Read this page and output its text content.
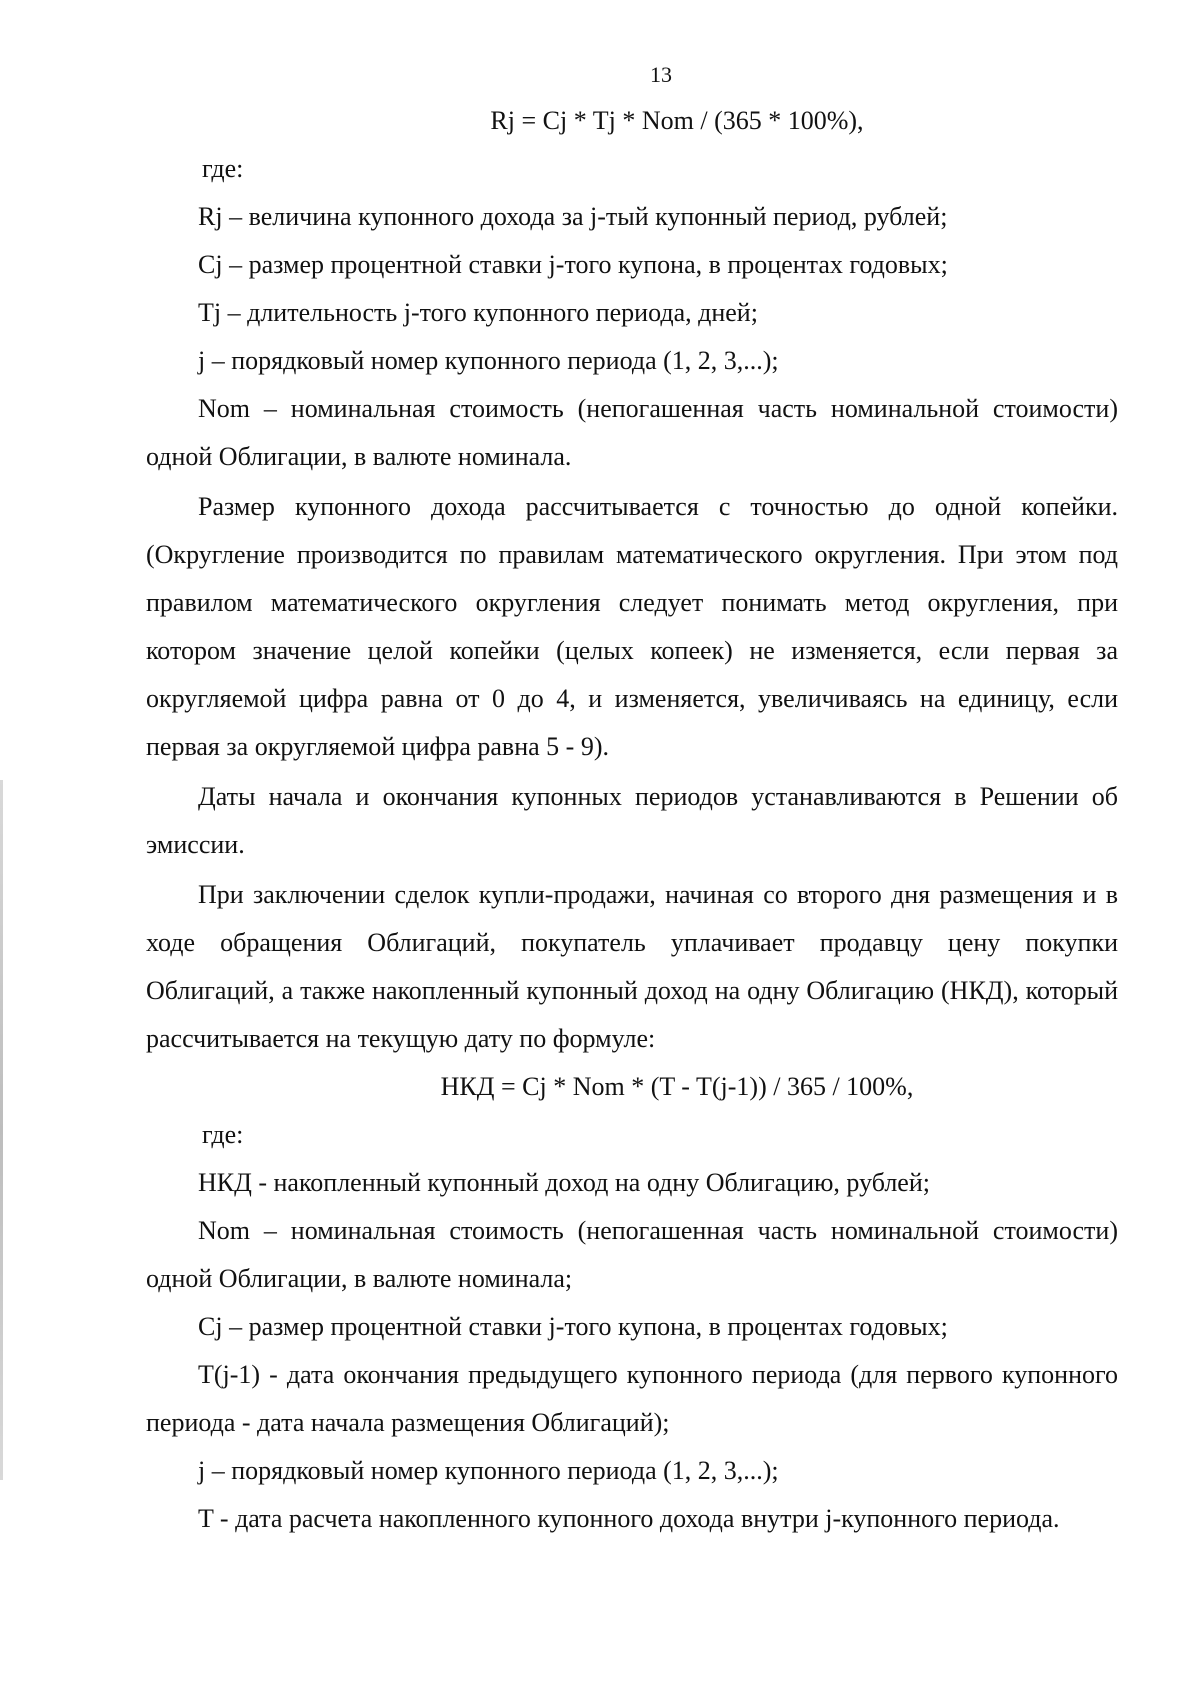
13

Rj = Cj * Tj * Nom / (365 * 100%),

где:

Rj – величина купонного дохода за j-тый купонный период, рублей;

Cj – размер процентной ставки j-того купона, в процентах годовых;

Tj – длительность j-того купонного периода, дней;

j – порядковый номер купонного периода (1, 2, 3,...);

Nom – номинальная стоимость (непогашенная часть номинальной стоимости) одной Облигации, в валюте номинала.

Размер купонного дохода рассчитывается с точностью до одной копейки. (Округление производится по правилам математического округления. При этом под правилом математического округления следует понимать метод округления, при котором значение целой копейки (целых копеек) не изменяется, если первая за округляемой цифра равна от 0 до 4, и изменяется, увеличиваясь на единицу, если первая за округляемой цифра равна 5 - 9).

Даты начала и окончания купонных периодов устанавливаются в Решении об эмиссии.

При заключении сделок купли-продажи, начиная со второго дня размещения и в ходе обращения Облигаций, покупатель уплачивает продавцу цену покупки Облигаций, а также накопленный купонный доход на одну Облигацию (НКД), который рассчитывается на текущую дату по формуле:

НКД = Cj * Nom * (T - T(j-1)) / 365 / 100%,

где:

НКД - накопленный купонный доход на одну Облигацию, рублей;

Nom – номинальная стоимость (непогашенная часть номинальной стоимости) одной Облигации, в валюте номинала;

Cj – размер процентной ставки j-того купона, в процентах годовых;

T(j-1) - дата окончания предыдущего купонного периода (для первого купонного периода - дата начала размещения Облигаций);

j – порядковый номер купонного периода (1, 2, 3,...);

T - дата расчета накопленного купонного дохода внутри j-купонного периода.
